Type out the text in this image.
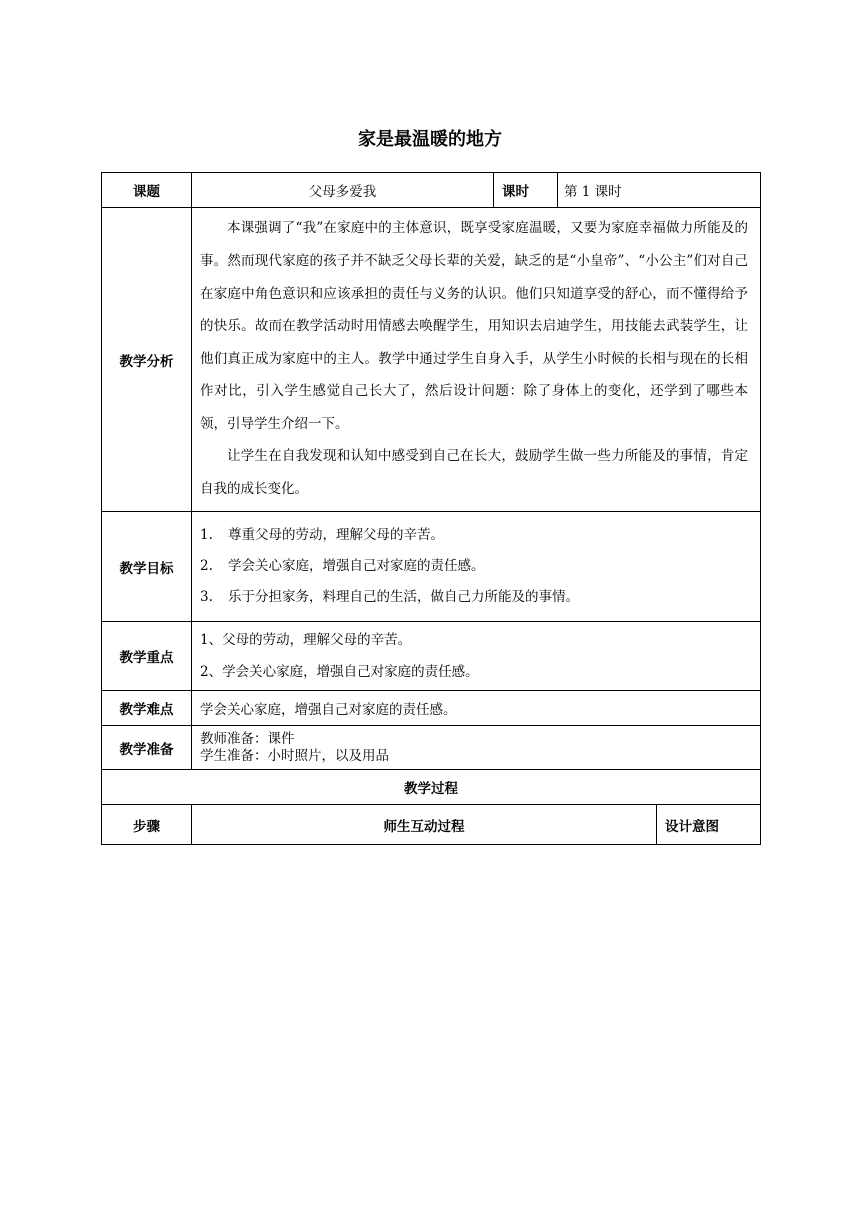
家是最温暖的地方
课题	父母多爱我	课时	第 1 课时	
教学分析	本课强调了“我”在家庭中的主体意识，既享受家庭温暖，又要为家庭幸福做力所能及的事。然而现代家庭的孩子并不缺乏父母长辈的关爱，缺乏的是“小皇帝”、“小公主”们对自己在家庭中角色意识和应该承担的责任与义务的认识。他们只知道享受的舒心，而不懂得给予的快乐。故而在教学活动时用情感去唤醒学生，用知识去启迪学生，用技能去武装学生，让他们真正成为家庭中的主人。教学中通过学生自身入手，从学生小时候的长相与现在的长相作对比，引入学生感觉自己长大了，然后设计问题：除了身体上的变化，还学到了哪些本领，引导学生介绍一下。

让学生在自我发现和认知中感受到自己在长大，鼓励学生做一些力所能及的事情，肯定自我的成长变化。			

教学目标	1. 尊重父母的劳动，理解父母的辛苦。

2. 学会关心家庭，增强自己对家庭的责任感。

3. 乐于分担家务，料理自己的生活，做自己力所能及的事情。			

教学重点	1、父母的劳动，理解父母的辛苦。

2、学会关心家庭，增强自己对家庭的责任感。			

教学难点	学会关心家庭，增强自己对家庭的责任感。			
教学准备	教师准备：课件

学生准备：小时照片，以及用品			

教学过程				
步骤	师生互动过程			设计意图
